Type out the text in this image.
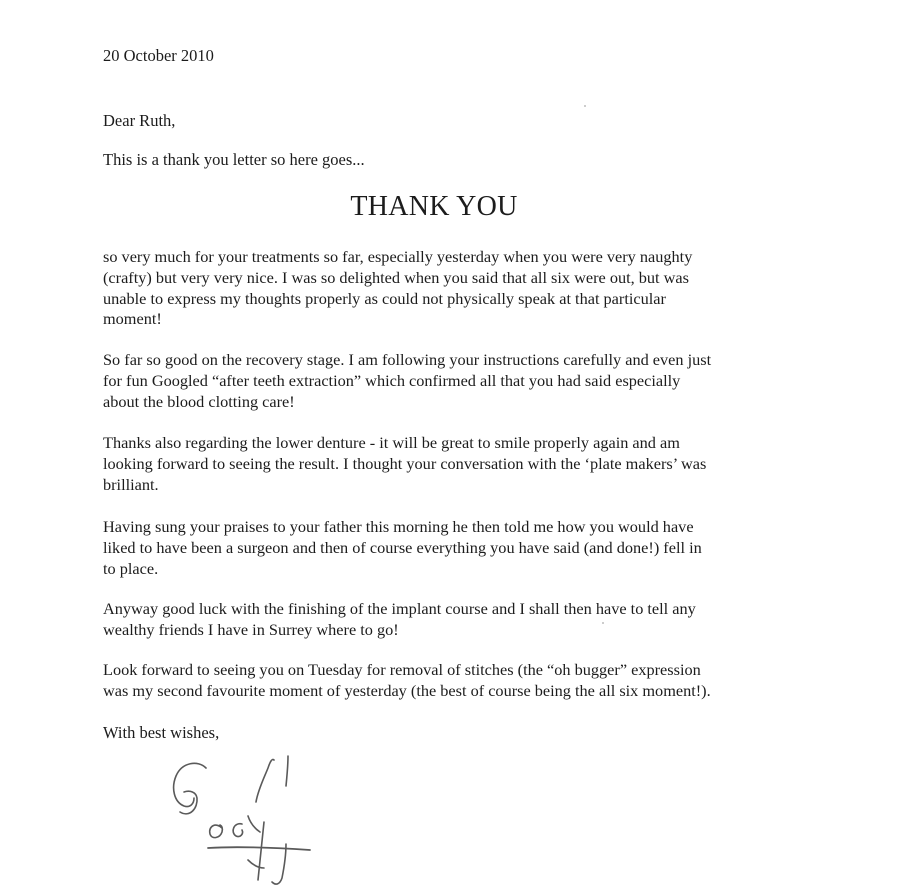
20 October 2010

Dear Ruth,

This is a thank you letter so here goes...

THANK YOU

so very much for your treatments so far, especially yesterday when you were very naughty
(crafty) but very very nice. I was so delighted when you said that all six were out, but was
unable to express my thoughts properly as could not physically speak at that particular
moment!

So far so good on the recovery stage. I am following your instructions carefully and even just
for fun Googled “after teeth extraction” which confirmed all that you had said especially
about the blood clotting care!

Thanks also regarding the lower denture - it will be great to smile properly again and am
looking forward to seeing the result. I thought your conversation with the ‘plate makers’ was
brilliant.

Having sung your praises to your father this morning he then told me how you would have
liked to have been a surgeon and then of course everything you have said (and done!) fell in
to place.

Anyway good luck with the finishing of the implant course and I shall then have to tell any
wealthy friends I have in Surrey where to go!

Look forward to seeing you on Tuesday for removal of stitches (the “oh bugger” expression
was my second favourite moment of yesterday (the best of course being the all six moment!).

With best wishes,
